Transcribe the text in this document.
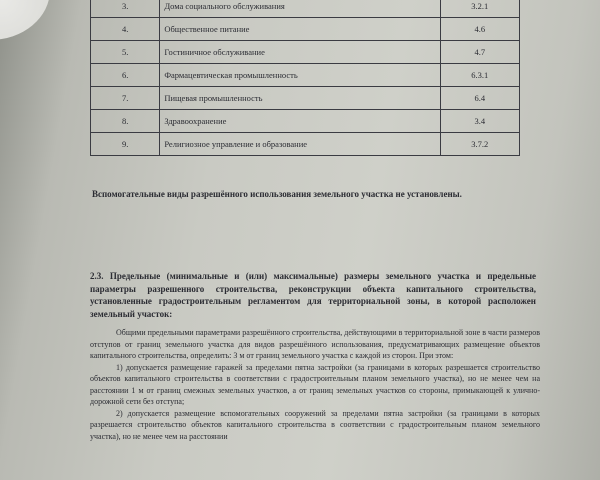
3.	Дома социального обслуживания	3.2.1
4.	Общественное питание	4.6
5.	Гостиничное обслуживание	4.7
6.	Фармацевтическая промышленность	6.3.1
7.	Пищевая промышленность	6.4
8.	Здравоохранение	3.4
9.	Религиозное управление и образование	3.7.2

Вспомогательные виды разрешённого использования земельного участка не установлены.

2.3. Предельные (минимальные и (или) максимальные) размеры земельного участка и предельные параметры разрешенного строительства, реконструкции объекта капитального строительства, установленные градостроительным регламентом для территориальной зоны, в которой расположен земельный участок:

Общими предельными параметрами разрешённого строительства, действующими в территориальной зоне в части размеров отступов от границ земельного участка для видов разрешённого использования, предусматривающих размещение объектов капитального строительства, определить: 3 м от границ земельного участка с каждой из сторон. При этом:

1) допускается размещение гаражей за пределами пятна застройки (за границами в которых разрешается строительство объектов капитального строительства в соответствии с градостроительным планом земельного участка), но не менее чем на расстоянии 1 м от границ смежных земельных участков, а от границ земельных участков со стороны, примыкающей к улично-дорожной сети без отступа;

2) допускается размещение вспомогательных сооружений за пределами пятна застройки (за границами в которых разрешается строительство объектов капитального строительства в соответствии с градостроительным планом земельного участка), но не менее чем на расстоянии
